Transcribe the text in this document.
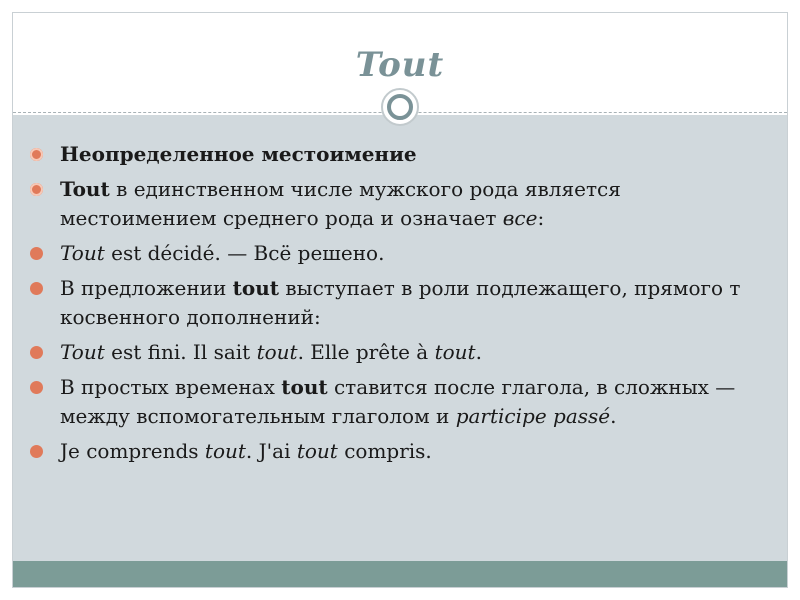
Tout
Неопределенное местоимение
Tout в единственном числе мужского рода является местоимением среднего рода и означает все:
Tout est décidé. — Всё решено.
В предложении tout выступает в роли подлежащего, прямого т косвенного дополнений:
Tout est fini. Il sait tout. Elle prête à tout.
В простых временах tout ставится после глагола, в сложных — между вспомогательным глаголом и participe passé.
Je comprends tout. J'ai tout compris.
